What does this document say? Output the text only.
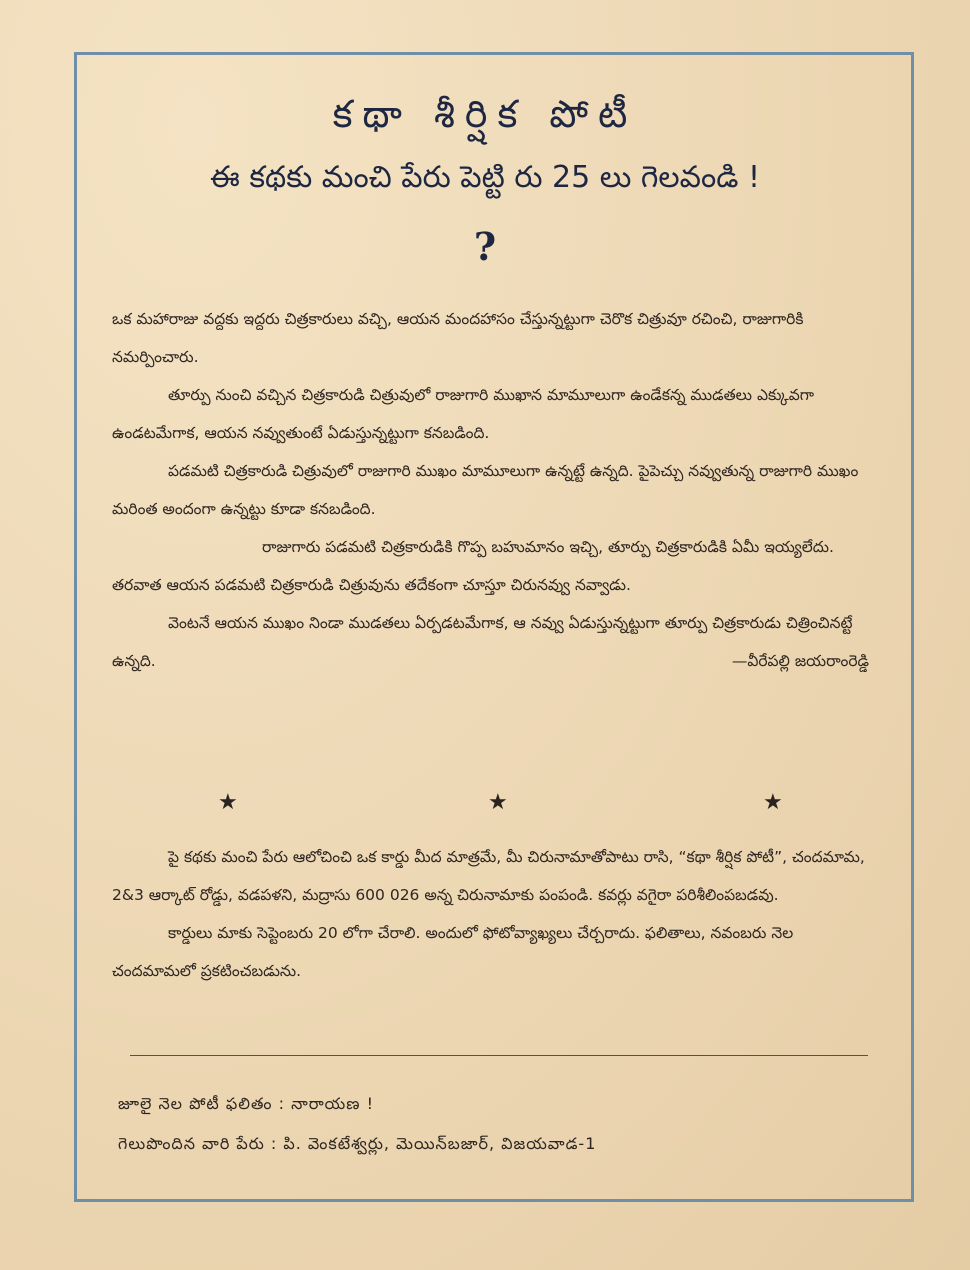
కథా శీర్షిక పోటీ
ఈ కథకు మంచి పేరు పెట్టి రు 25 లు గెలవండి !
?

ఒక మహారాజు వద్దకు ఇద్దరు చిత్రకారులు వచ్చి, ఆయన మందహాసం చేస్తున్నట్టుగా చెరొక చిత్రువూ రచించి, రాజుగారికి నమర్పించారు.

తూర్పు నుంచి వచ్చిన చిత్రకారుడి చిత్రువులో రాజుగారి ముఖాన మామూలుగా ఉండేకన్న ముడతలు ఎక్కువగా ఉండటమేగాక, ఆయన నవ్వుతుంటే ఏడుస్తున్నట్టుగా కనబడింది.

పడమటి చిత్రకారుడి చిత్రువులో రాజుగారి ముఖం మామూలుగా ఉన్నట్టే ఉన్నది. పైపెచ్చు నవ్వుతున్న రాజుగారి ముఖం మరింత అందంగా ఉన్నట్టు కూడా కనబడింది.

రాజుగారు పడమటి చిత్రకారుడికి గొప్ప బహుమానం ఇచ్చి, తూర్పు చిత్రకారుడికి ఏమీ ఇయ్యలేదు. తరవాత ఆయన పడమటి చిత్రకారుడి చిత్రువును తదేకంగా చూస్తూ చిరునవ్వు నవ్వాడు.

వెంటనే ఆయన ముఖం నిండా ముడతలు ఏర్పడటమేగాక, ఆ నవ్వు ఏడుస్తున్నట్టుగా తూర్పు చిత్రకారుడు చిత్రించినట్టే ఉన్నది.	—వీరేపల్లి జయరాంరెడ్డి

★	★	★

పై కథకు మంచి పేరు ఆలోచించి ఒక కార్డు మీద మాత్రమే, మీ చిరునామాతోపాటు రాసి, “కథా శీర్షిక పోటీ”, చందమామ, 2&3 ఆర్కాట్ రోడ్డు, వడపళని, మద్రాసు 600 026 అన్న చిరునామాకు పంపండి. కవర్లు వగైరా పరిశీలింపబడవు.

కార్డులు మాకు సెప్టెంబరు 20 లోగా చేరాలి. అందులో ఫోటోవ్యాఖ్యలు చేర్చరాదు. ఫలితాలు, నవంబరు నెల చందమామలో ప్రకటించబడును.

జూలై నెల పోటీ ఫలితం : నారాయణ !
గెలుపొందిన వారి పేరు : పి. వెంకటేశ్వర్లు, మెయిన్‌బజార్, విజయవాడ-1
